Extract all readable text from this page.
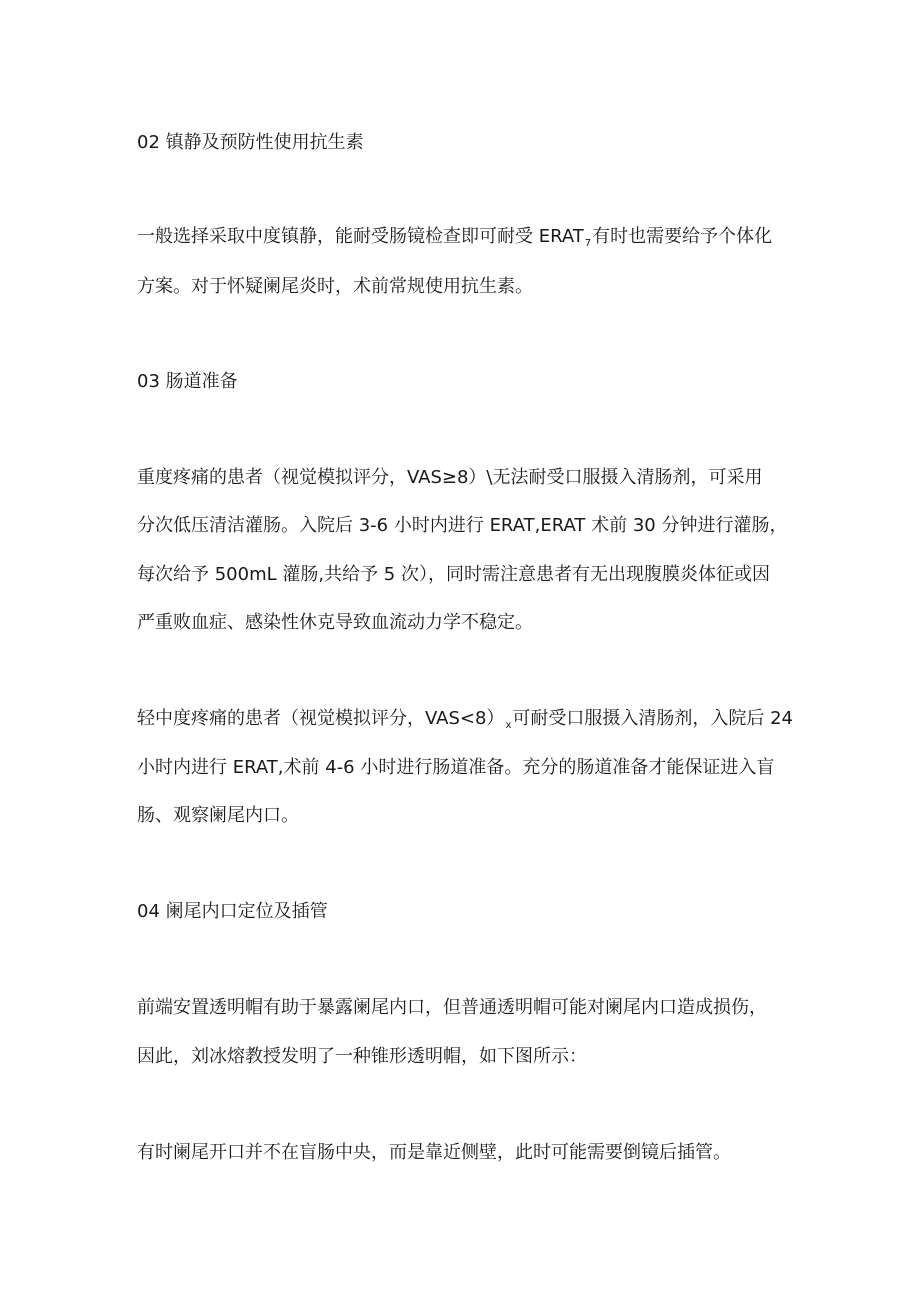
02 镇静及预防性使用抗生素

一般选择采取中度镇静，能耐受肠镜检查即可耐受 $ERAT_7$有时也需要给予个体化

方案。对于怀疑阑尾炎时，术前常规使用抗生素。

03 肠道准备

重度疼痛的患者（视觉模拟评分，VAS≥8）\无法耐受口服摄入清肠剂，可采用

分次低压清洁灌肠。入院后 3-6 小时内进行 ERAT,ERAT 术前 30 分钟进行灌肠，

每次给予 500mL 灌肠,共给予 5 次），同时需注意患者有无出现腹膜炎体征或因

严重败血症、感染性休克导致血流动力学不稳定。

轻中度疼痛的患者（视觉模拟评分，$VAS<8)_x$可耐受口服摄入清肠剂，入院后 24

小时内进行 ERAT,术前 4-6 小时进行肠道准备。充分的肠道准备才能保证进入盲

肠、观察阑尾内口。

04 阑尾内口定位及插管

前端安置透明帽有助于暴露阑尾内口，但普通透明帽可能对阑尾内口造成损伤，

因此，刘冰熔教授发明了一种锥形透明帽，如下图所示：

有时阑尾开口并不在盲肠中央，而是靠近侧壁，此时可能需要倒镜后插管。
